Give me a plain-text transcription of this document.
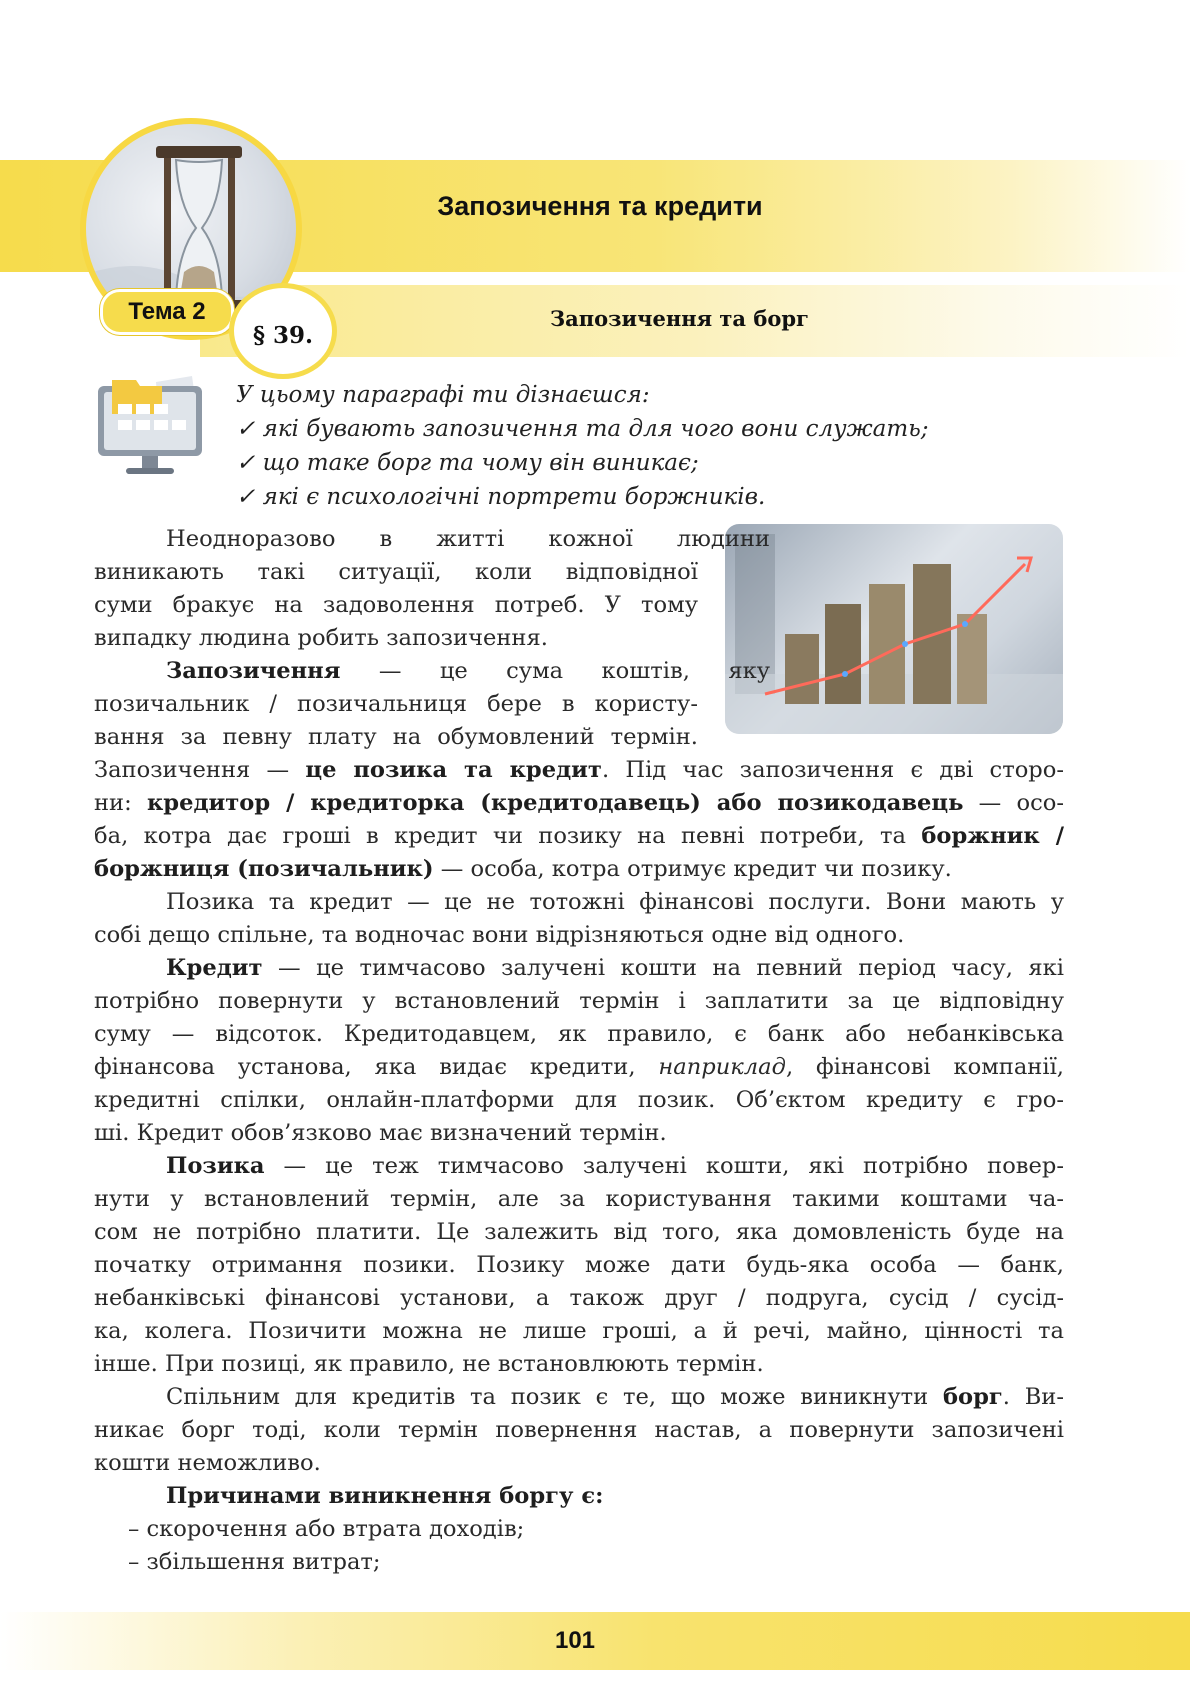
Запозичення та кредити
Запозичення та борг
Тема 2
§ 39.
У цьому параграфі ти дізнаєшся:
✓ які бувають запозичення та для чого вони служать;
✓ що таке борг та чому він виникає;
✓ які є психологічні портрети боржників.
Неодноразово в житті кожної людини
виникають такі ситуації, коли відповідної
суми бракує на задоволення потреб. У тому
випадку людина робить запозичення.
Запозичення — це сума коштів, яку
позичальник / позичальниця бере в користу-
вання за певну плату на обумовлений термін.
Запозичення — це позика та кредит. Під час запозичення є дві сторо-
ни: кредитор / кредиторка (кредитодавець) або позикодавець — осо-
ба, котра дає гроші в кредит чи позику на певні потреби, та боржник /
боржниця (позичальник) — особа, котра отримує кредит чи позику.
Позика та кредит — це не тотожні фінансові послуги. Вони мають у
собі дещо спільне, та водночас вони відрізняються одне від одного.
Кредит — це тимчасово залучені кошти на певний період часу, які
потрібно повернути у встановлений термін і заплатити за це відповідну
суму — відсоток. Кредитодавцем, як правило, є банк або небанківська
фінансова установа, яка видає кредити, наприклад, фінансові компанії,
кредитні спілки, онлайн-платформи для позик. Об’єктом кредиту є гро-
ші. Кредит обов’язково має визначений термін.
Позика — це теж тимчасово залучені кошти, які потрібно повер-
нути у встановлений термін, але за користування такими коштами ча-
сом не потрібно платити. Це залежить від того, яка домовленість буде на
початку отримання позики. Позику може дати будь-яка особа — банк,
небанківські фінансові установи, а також друг / подруга, сусід / сусід-
ка, колега. Позичити можна не лише гроші, а й речі, майно, цінності та
інше. При позиці, як правило, не встановлюють термін.
Спільним для кредитів та позик є те, що може виникнути борг. Ви-
никає борг тоді, коли термін повернення настав, а повернути запозичені
кошти неможливо.
Причинами виникнення боргу є:
– скорочення або втрата доходів;
– збільшення витрат;
101
